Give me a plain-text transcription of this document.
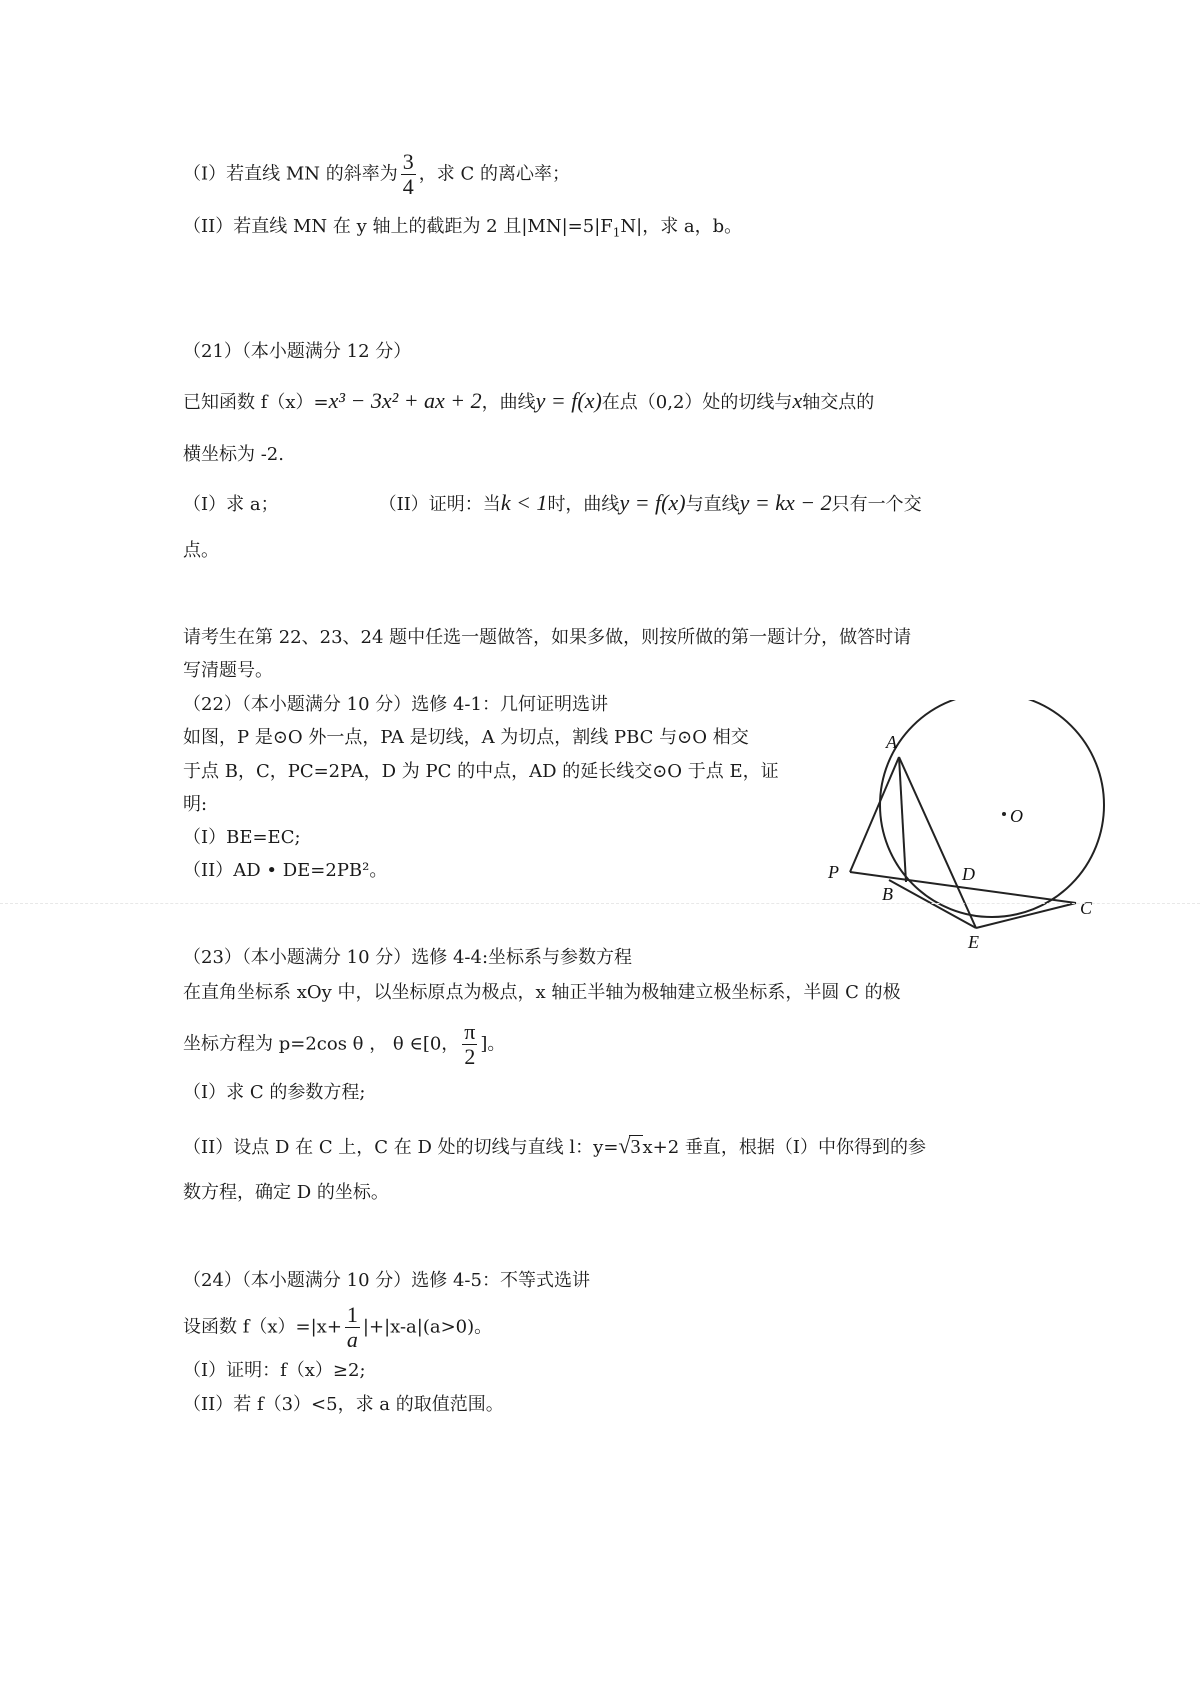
（I）若直线 MN 的斜率为 $\frac{3}{4}$ ，求 C 的离心率；
（II）若直线 MN 在 y 轴上的截距为 2 且$|MN|=5|F_1N|$，求 a，b。
（21）（本小题满分 12 分）
已知函数 f（x）=x³ − 3x² + ax + 2，曲线y = f(x)在点（0,2）处的切线与x轴交点的
横坐标为 -2.
（I）求 a；	（II）证明：当k < 1时，曲线y = f(x)与直线y = kx − 2只有一个交
点。
请考生在第 22、23、24 题中任选一题做答，如果多做，则按所做的第一题计分，做答时请
写清题号。
（22）（本小题满分 10 分）选修 4-1：几何证明选讲
如图，P 是⊙O 外一点，PA 是切线，A 为切点，割线 PBC 与⊙O 相交
于点 B，C，PC=2PA，D 为 PC 的中点，AD 的延长线交⊙O 于点 E，证
明:
（I）BE=EC;
（II）AD • DE=2PB²。
A
O
P	D
B
C
E
（23）（本小题满分 10 分）选修 4-4:坐标系与参数方程
在直角坐标系 xOy 中，以坐标原点为极点，x 轴正半轴为极轴建立极坐标系，半圆 C 的极
坐标方程为 p=2cos θ ， θ ∈[0， $\frac{\pi}{2}$ ]。
（I）求 C 的参数方程;
（II）设点 D 在 C 上，C 在 D 处的切线与直线 l：y=√3 x+2 垂直，根据（I）中你得到的参
数方程，确定 D 的坐标。
（24）（本小题满分 10 分）选修 4-5：不等式选讲
设函数 $f(x)=|x+ \frac{1}{a} |+|x-a|(a>0)$。
（I）证明：f（x）≥2;
（II）若 f（3）<5，求 a 的取值范围。
